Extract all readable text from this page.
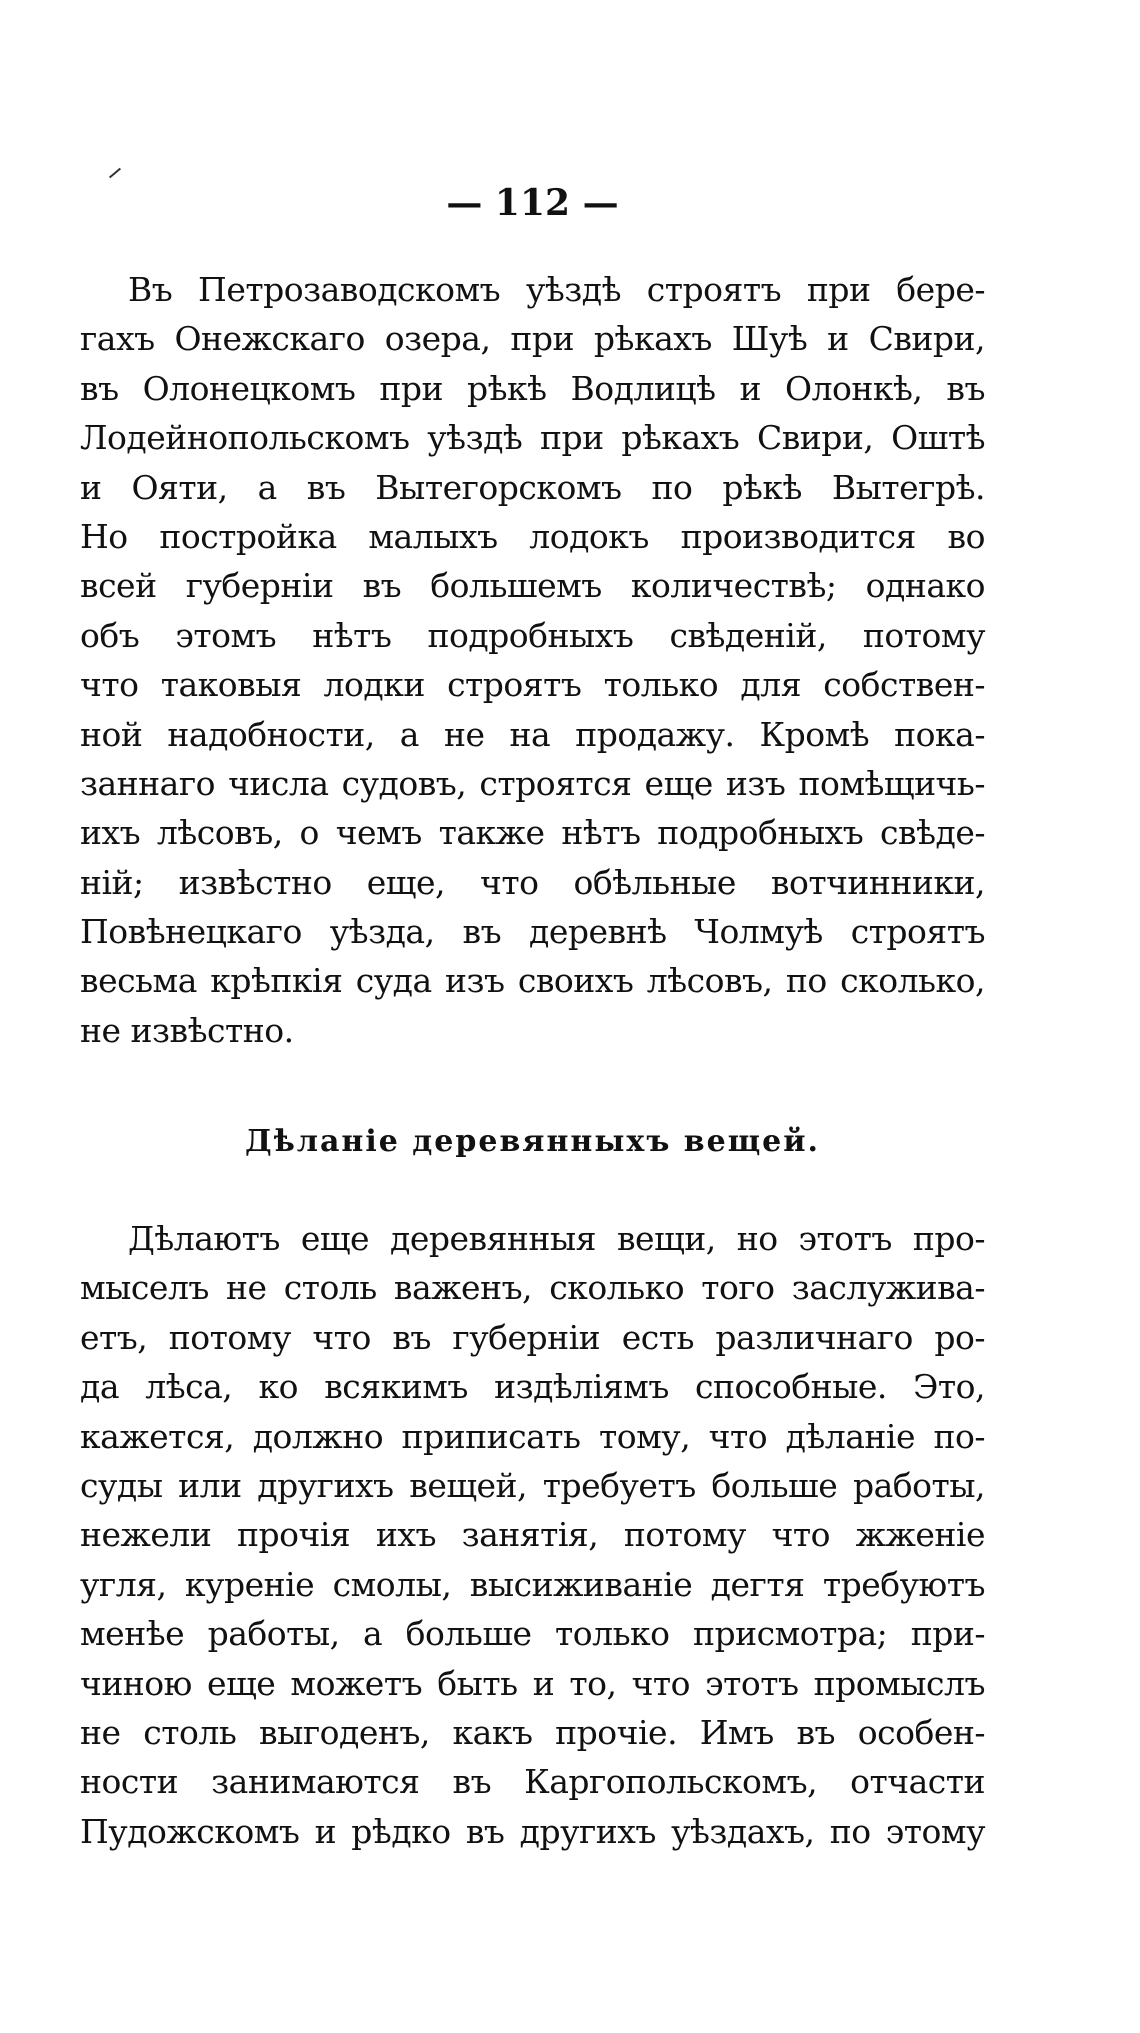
— 112 —
Въ Петрозаводскомъ уѣздѣ строятъ при бере-
гахъ Онежскаго озера, при рѣкахъ Шуѣ и Свири,
въ Олонецкомъ при рѣкѣ Водлицѣ и Олонкѣ, въ
Лодейнопольскомъ уѣздѣ при рѣкахъ Свири, Оштѣ
и Ояти, а въ Вытегорскомъ по рѣкѣ Вытегрѣ.
Но постройка малыхъ лодокъ производится во
всей губерніи въ большемъ количествѣ; однако
объ этомъ нѣтъ подробныхъ свѣденій, потому
что таковыя лодки строятъ только для собствен-
ной надобности, а не на продажу. Кромѣ пока-
заннаго числа судовъ, строятся еще изъ помѣщичь-
ихъ лѣсовъ, о чемъ также нѣтъ подробныхъ свѣде-
ній; извѣстно еще, что обѣльные вотчинники,
Повѣнецкаго уѣзда, въ деревнѣ Чолмуѣ строятъ
весьма крѣпкія суда изъ своихъ лѣсовъ, по сколько,
не извѣстно.
Дѣланіе деревянныхъ вещей.
Дѣлаютъ еще деревянныя вещи, но этотъ про-
мыселъ не столь важенъ, сколько того заслужива-
етъ, потому что въ губерніи есть различнаго ро-
да лѣса, ко всякимъ издѣліямъ способные. Это,
кажется, должно приписать тому, что дѣланіе по-
суды или другихъ вещей, требуетъ больше работы,
нежели прочія ихъ занятія, потому что жженіе
угля, куреніе смолы, высиживаніе дегтя требуютъ
менѣе работы, а больше только присмотра; при-
чиною еще можетъ быть и то, что этотъ промыслъ
не столь выгоденъ, какъ прочіе. Имъ въ особен-
ности занимаются въ Каргопольскомъ, отчасти
Пудожскомъ и рѣдко въ другихъ уѣздахъ, по этому
